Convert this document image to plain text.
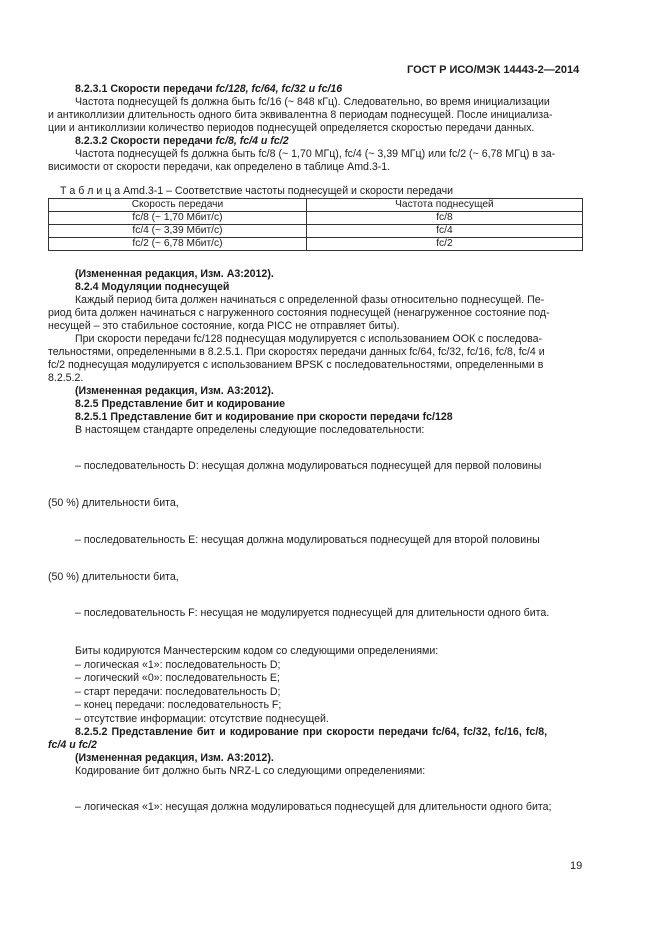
ГОСТ Р ИСО/МЭК 14443-2—2014
8.2.3.1 Скорости передачи fc/128, fc/64, fc/32 и fc/16
Частота поднесущей fs должна быть fc/16 (~ 848 кГц). Следовательно, во время инициализации
и антиколлизии длительность одного бита эквивалентна 8 периодам поднесущей. После инициализа-
ции и антиколлизии количество периодов поднесущей определяется скоростью передачи данных.
8.2.3.2 Скорости передачи fc/8, fc/4 и fc/2
Частота поднесущей fs должна быть fc/8 (~ 1,70 МГц), fc/4 (~ 3,39 МГц) или fc/2 (~ 6,78 МГц) в за-
висимости от скорости передачи, как определено в таблице Amd.3-1.
Т а б л и ц а Amd.3-1 – Соответствие частоты поднесущей и скорости передачи
Скорость передачи	Частота поднесущей
fc/8 (~ 1,70 Мбит/с)	fc/8
fc/4 (~ 3,39 Мбит/с)	fc/4
fc/2 (~ 6,78 Мбит/с)	fc/2
(Измененная редакция, Изм. А3:2012).
8.2.4 Модуляции поднесущей
Каждый период бита должен начинаться с определенной фазы относительно поднесущей. Пе-
риод бита должен начинаться с нагруженного состояния поднесущей (ненагруженное состояние под-
несущей – это стабильное состояние, когда PICC не отправляет биты).
При скорости передачи fc/128 поднесущая модулируется с использованием ООК с последова-
тельностями, определенными в 8.2.5.1. При скоростях передачи данных fc/64, fc/32, fc/16, fc/8, fc/4 и
fc/2 поднесущая модулируется с использованием BPSK с последовательностями, определенными в
8.2.5.2.
(Измененная редакция, Изм. А3:2012).
8.2.5 Представление бит и кодирование
8.2.5.1 Представление бит и кодирование при скорости передачи fc/128
В настоящем стандарте определены следующие последовательности:
– последовательность D: несущая должна модулироваться поднесущей для первой половины
(50 %) длительности бита,
– последовательность E: несущая должна модулироваться поднесущей для второй половины
(50 %) длительности бита,
– последовательность F: несущая не модулируется поднесущей для длительности одного бита.
Биты кодируются Манчестерским кодом со следующими определениями:
– логическая «1»: последовательность D;
– логический «0»: последовательность E;
– старт передачи: последовательность D;
– конец передачи: последовательность F;
– отсутствие информации: отсутствие поднесущей.
8.2.5.2 Представление бит и кодирование при скорости передачи fc/64, fc/32, fc/16, fc/8,
fc/4 и fc/2
(Измененная редакция, Изм. А3:2012).
Кодирование бит должно быть NRZ-L со следующими определениями:
– логическая «1»: несущая должна модулироваться поднесущей для длительности одного бита;
19
